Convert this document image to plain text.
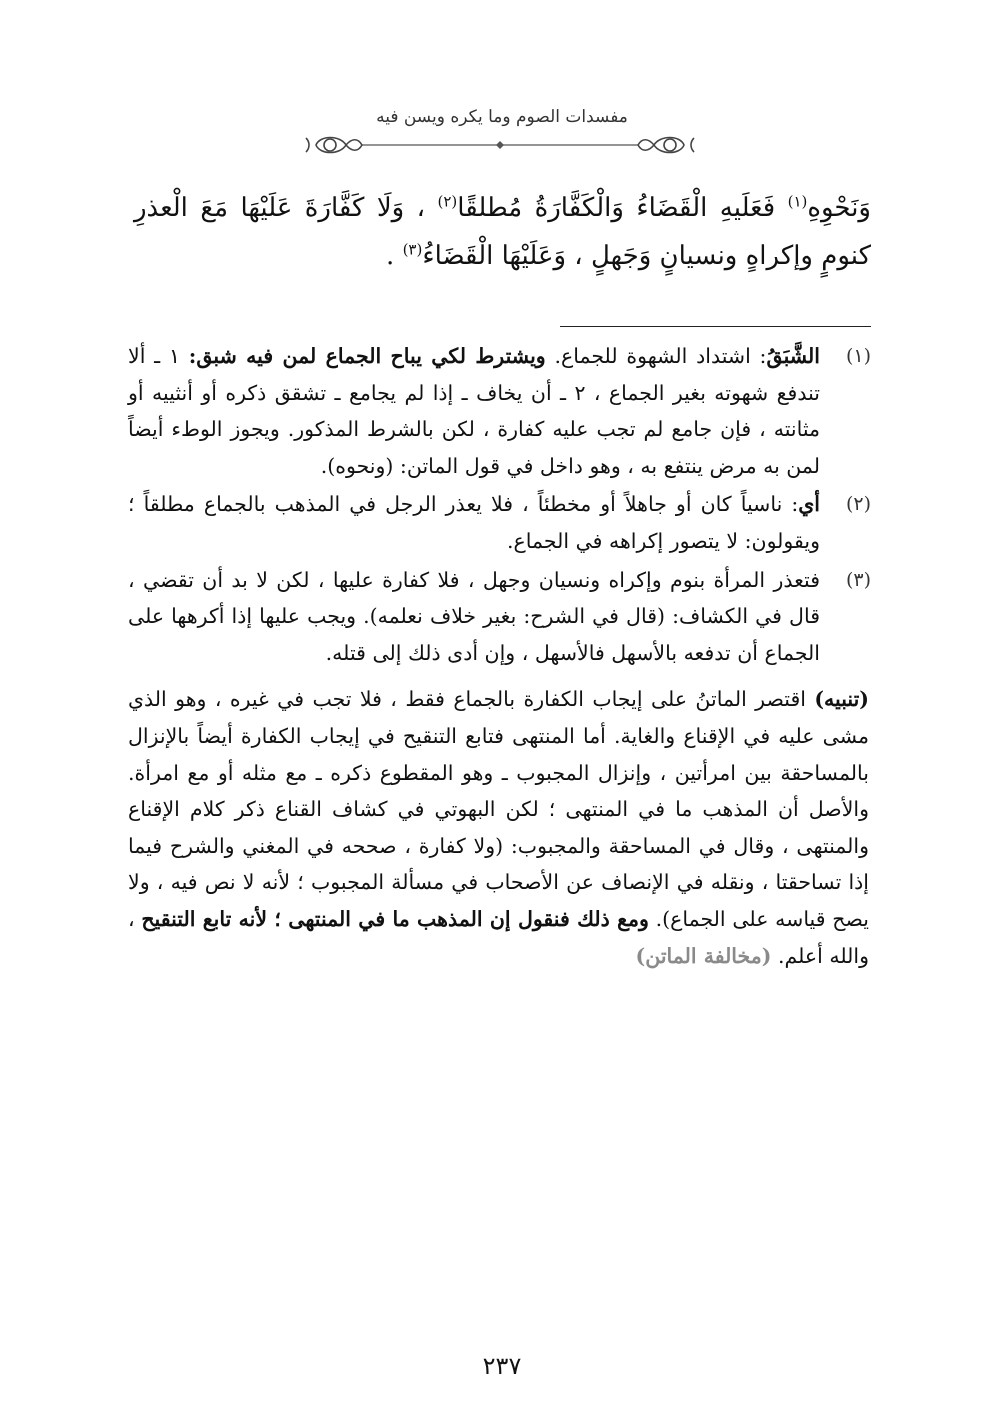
مفسدات الصوم وما يكره ويسن فيه

وَنَحْوِهِ$^{(١)}$ فَعَلَيهِ الْقَضَاءُ وَالْكَفَّارَةُ مُطلقًا$^{(٢)}$ ، وَلَا كَفَّارَةَ عَلَيْهَا مَعَ الْعذرِ كنومٍ وإكراهٍ ونسيانٍ وَجَهلٍ ، وَعَلَيْهَا الْقَضَاءُ$^{(٣)}$ .

(١)
الشَّبَقُ: اشتداد الشهوة للجماع. ويشترط لكي يباح الجماع لمن فيه شبق: ١ ـ ألا تندفع شهوته بغير الجماع ، ٢ ـ أن يخاف ـ إذا لم يجامع ـ تشقق ذكره أو أنثييه أو مثانته ، فإن جامع لم تجب عليه كفارة ، لكن بالشرط المذكور. ويجوز الوطء أيضاً لمن به مرض ينتفع به ، وهو داخل في قول الماتن: (ونحوه).
(٢)
أي: ناسياً كان أو جاهلاً أو مخطئاً ، فلا يعذر الرجل في المذهب بالجماع مطلقاً ؛ ويقولون: لا يتصور إكراهه في الجماع.
(٣)
فتعذر المرأة بنوم وإكراه ونسيان وجهل ، فلا كفارة عليها ، لكن لا بد أن تقضي ، قال في الكشاف: (قال في الشرح: بغير خلاف نعلمه). ويجب عليها إذا أكرهها على الجماع أن تدفعه بالأسهل فالأسهل ، وإن أدى ذلك إلى قتله.
(تنبيه) اقتصر الماتنُ على إيجاب الكفارة بالجماع فقط ، فلا تجب في غيره ، وهو الذي مشى عليه في الإقناع والغاية. أما المنتهى فتابع التنقيح في إيجاب الكفارة أيضاً بالإنزال بالمساحقة بين امرأتين ، وإنزال المجبوب ـ وهو المقطوع ذكره ـ مع مثله أو مع امرأة. والأصل أن المذهب ما في المنتهى ؛ لكن البهوتي في كشاف القناع ذكر كلام الإقناع والمنتهى ، وقال في المساحقة والمجبوب: (ولا كفارة ، صححه في المغني والشرح فيما إذا تساحقتا ، ونقله في الإنصاف عن الأصحاب في مسألة المجبوب ؛ لأنه لا نص فيه ، ولا يصح قياسه على الجماع). ومع ذلك فنقول إن المذهب ما في المنتهى ؛ لأنه تابع التنقيح ، والله أعلم. (مخالفة الماتن)
٢٣٧
